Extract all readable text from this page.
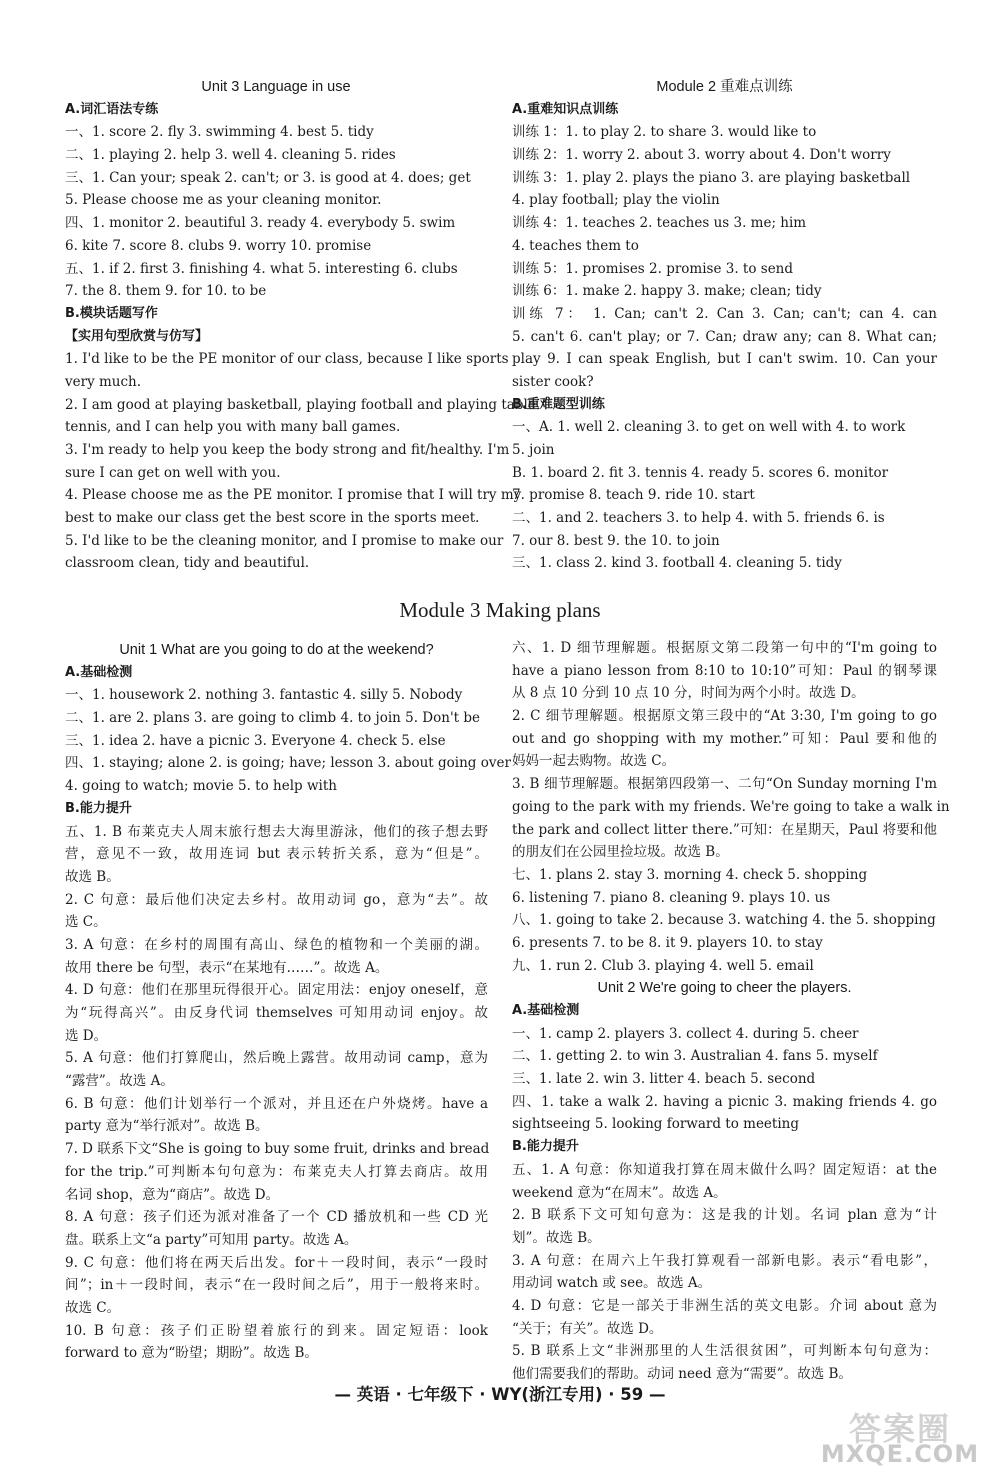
Unit 3 Language in use
A.词汇语法专练
一、1. score 2. fly 3. swimming 4. best 5. tidy
二、1. playing 2. help 3. well 4. cleaning 5. rides
三、1. Can your; speak 2. can't; or 3. is good at 4. does; get
5. Please choose me as your cleaning monitor.
四、1. monitor 2. beautiful 3. ready 4. everybody 5. swim
6. kite 7. score 8. clubs 9. worry 10. promise
五、1. if 2. first 3. finishing 4. what 5. interesting 6. clubs
7. the 8. them 9. for 10. to be
B.模块话题写作
【实用句型欣赏与仿写】
1. I'd like to be the PE monitor of our class, because I like sports
very much.
2. I am good at playing basketball, playing football and playing table
tennis, and I can help you with many ball games.
3. I'm ready to help you keep the body strong and fit/healthy. I'm
sure I can get on well with you.
4. Please choose me as the PE monitor. I promise that I will try my
best to make our class get the best score in the sports meet.
5. I'd like to be the cleaning monitor, and I promise to make our
classroom clean, tidy and beautiful.
Module 2 重难点训练
A.重难知识点训练
训练 1：1. to play 2. to share 3. would like to
训练 2：1. worry 2. about 3. worry about 4. Don't worry
训练 3：1. play 2. plays the piano 3. are playing basketball
4. play football; play the violin
训练 4：1. teaches 2. teaches us 3. me; him
4. teaches them to
训练 5：1. promises 2. promise 3. to send
训练 6：1. make 2. happy 3. make; clean; tidy
训练 7： 1. Can; can't 2. Can 3. Can; can't; can 4. can
5. can't 6. can't play; or 7. Can; draw any; can 8. What can;
play 9. I can speak English, but I can't swim. 10. Can your
sister cook?
B.重难题型训练
一、A. 1. well 2. cleaning 3. to get on well with 4. to work
5. join
B. 1. board 2. fit 3. tennis 4. ready 5. scores 6. monitor
7. promise 8. teach 9. ride 10. start
二、1. and 2. teachers 3. to help 4. with 5. friends 6. is
7. our 8. best 9. the 10. to join
三、1. class 2. kind 3. football 4. cleaning 5. tidy
Module 3 Making plans
Unit 1 What are you going to do at the weekend?
A.基础检测
一、1. housework 2. nothing 3. fantastic 4. silly 5. Nobody
二、1. are 2. plans 3. are going to climb 4. to join 5. Don't be
三、1. idea 2. have a picnic 3. Everyone 4. check 5. else
四、1. staying; alone 2. is going; have; lesson 3. about going over
4. going to watch; movie 5. to help with
B.能力提升
五、1. B 布莱克夫人周末旅行想去大海里游泳，他们的孩子想去野
营，意见不一致，故用连词 but 表示转折关系，意为“但是”。
故选 B。
2. C 句意：最后他们决定去乡村。故用动词 go，意为“去”。故
选 C。
3. A 句意：在乡村的周围有高山、绿色的植物和一个美丽的湖。
故用 there be 句型，表示“在某地有……”。故选 A。
4. D 句意：他们在那里玩得很开心。固定用法：enjoy oneself，意
为“玩得高兴”。由反身代词 themselves 可知用动词 enjoy。故
选 D。
5. A 句意：他们打算爬山，然后晚上露营。故用动词 camp，意为
“露营”。故选 A。
6. B 句意：他们计划举行一个派对，并且还在户外烧烤。have a
party 意为“举行派对”。故选 B。
7. D 联系下文“She is going to buy some fruit, drinks and bread
for the trip.”可判断本句句意为：布莱克夫人打算去商店。故用
名词 shop，意为“商店”。故选 D。
8. A 句意：孩子们还为派对准备了一个 CD 播放机和一些 CD 光
盘。联系上文“a party”可知用 party。故选 A。
9. C 句意：他们将在两天后出发。for＋一段时间，表示“一段时
间”；in＋一段时间，表示“在一段时间之后”，用于一般将来时。
故选 C。
10. B 句意：孩子们正盼望着旅行的到来。固定短语：look
forward to 意为“盼望；期盼”。故选 B。
六、1. D 细节理解题。根据原文第二段第一句中的“I'm going to
have a piano lesson from 8:10 to 10:10”可知：Paul 的钢琴课
从 8 点 10 分到 10 点 10 分，时间为两个小时。故选 D。
2. C 细节理解题。根据原文第三段中的“At 3:30, I'm going to go
out and go shopping with my mother.”可知：Paul 要和他的
妈妈一起去购物。故选 C。
3. B 细节理解题。根据第四段第一、二句“On Sunday morning I'm
going to the park with my friends. We're going to take a walk in
the park and collect litter there.”可知：在星期天，Paul 将要和他
的朋友们在公园里捡垃圾。故选 B。
七、1. plans 2. stay 3. morning 4. check 5. shopping
6. listening 7. piano 8. cleaning 9. plays 10. us
八、1. going to take 2. because 3. watching 4. the 5. shopping
6. presents 7. to be 8. it 9. players 10. to stay
九、1. run 2. Club 3. playing 4. well 5. email
Unit 2 We're going to cheer the players.
A.基础检测
一、1. camp 2. players 3. collect 4. during 5. cheer
二、1. getting 2. to win 3. Australian 4. fans 5. myself
三、1. late 2. win 3. litter 4. beach 5. second
四、1. take a walk 2. having a picnic 3. making friends 4. go
sightseeing 5. looking forward to meeting
B.能力提升
五、1. A 句意：你知道我打算在周末做什么吗？固定短语：at the
weekend 意为“在周末”。故选 A。
2. B 联系下文可知句意为：这是我的计划。名词 plan 意为“计
划”。故选 B。
3. A 句意：在周六上午我打算观看一部新电影。表示“看电影”，
用动词 watch 或 see。故选 A。
4. D 句意：它是一部关于非洲生活的英文电影。介词 about 意为
“关于；有关”。故选 D。
5. B 联系上文“非洲那里的人生活很贫困”，可判断本句句意为：
他们需要我们的帮助。动词 need 意为“需要”。故选 B。
— 英语 · 七年级下 · WY(浙江专用) · 59 —
答案圈
MXQE.COM
